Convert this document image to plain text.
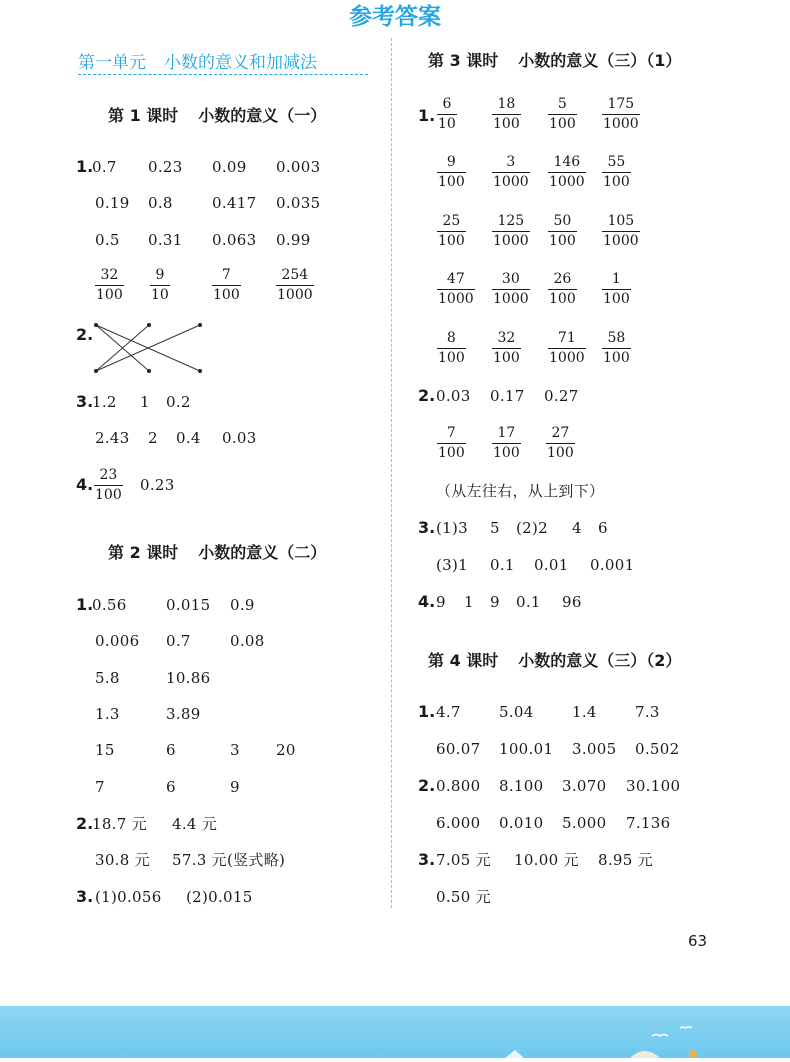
参考答案
第一单元 小数的意义和加减法
第 1 课时 小数的意义（一）
1.
0.7 0.23 0.09 0.003
0.19 0.8	0.417 0.035
0.5 0.31 0.063 0.99
$\frac{32}{100} \frac{9}{10}$	$\frac{7}{100}$	$\frac{254}{1000}$
2.
3.
1.2 1 0.2
2.43 2 0.4 0.03
4. $\frac{23}{100} 0.23$
第 2 课时 小数的意义（二）
1.
0.56	0.015 0.9
0.006 0.7	0.08
5.8	10.86
1.3	3.89
15	6	3 20
7	6	9
2.
18.7 元 4.4 元
30.8 元 57.3 元(竖式略)
3. (1)0.056 (2)0.015
第 3 课时 小数的意义（三）（1）
1. $\frac{6}{10}$	$\frac{18}{100} \frac{5}{100} \frac{175}{1000}$
$\frac{9}{100} \frac{3}{1000} \frac{146}{1000} \frac{55}{100}$
$\frac{25}{100} \frac{125}{1000} \frac{50}{100} \frac{105}{1000}$
$\frac{47}{1000} \frac{30}{1000} \frac{26}{100} \frac{1}{100}$
$\frac{8}{100} \frac{32}{100} \frac{71}{1000} \frac{58}{100}$
2. 0.03 0.17 0.27
$\frac{7}{100} \frac{17}{100} \frac{27}{100}$
（从左往右，从上到下）
3. (1)3 5 (2)2 4 6
(3)1 0.1 0.01 0.001
4. 9 1 9 0.1 96
第 4 课时 小数的意义（三）（2）
1. 4.7	5.04	1.4	7.3
60.07 100.01 3.005 0.502
2. 0.800 8.100 3.070 30.100
6.000 0.010 5.000 7.136
3. 7.05 元 10.00 元 8.95 元
0.50 元
63
